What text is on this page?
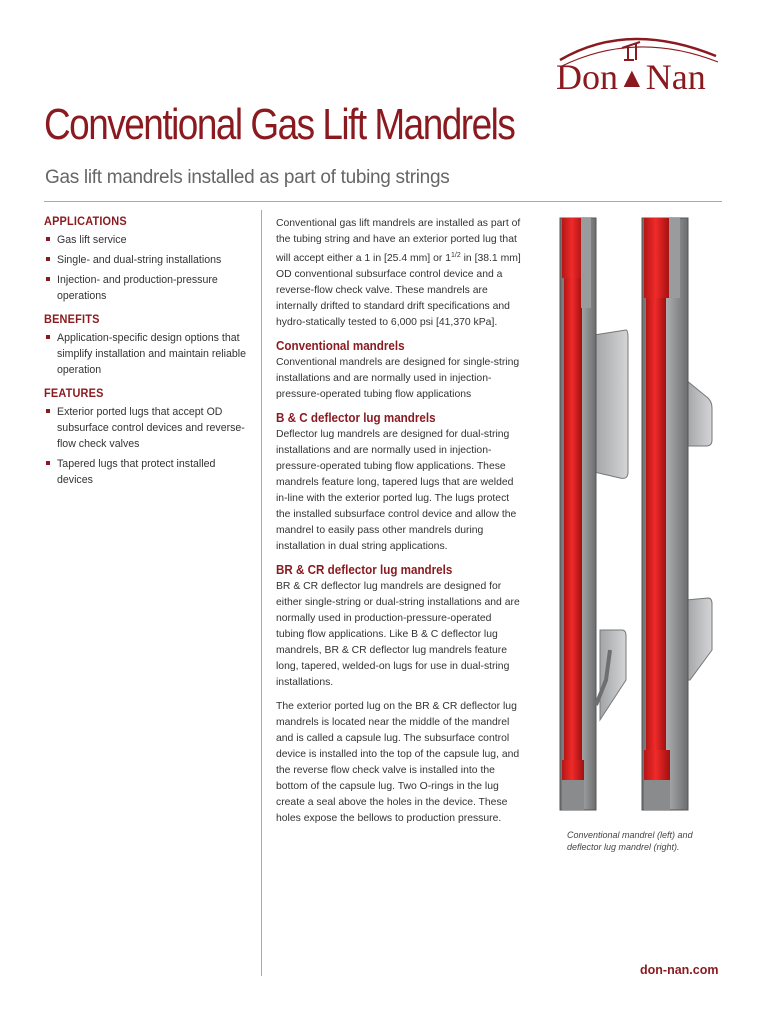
Don▲Nan
Conventional Gas Lift Mandrels
Gas lift mandrels installed as part of tubing strings
APPLICATIONS
Gas lift service
Single- and dual-string installations
Injection- and production-pressure operations
BENEFITS
Application-specific design options that simplify installation and maintain reliable operation
FEATURES
Exterior ported lugs that accept OD subsurface control devices and reverse-flow check valves
Tapered lugs that protect installed devices

Conventional gas lift mandrels are installed as part of the tubing string and have an exterior ported lug that will accept either a 1 in [25.4 mm] or $1^{1/2}$ in [38.1 mm] OD conventional subsurface control device and a reverse-flow check valve. These mandrels are internally drifted to standard drift specifications and hydro-statically tested to 6,000 psi [41,370 kPa].

Conventional mandrels

Conventional mandrels are designed for single-string installations and are normally used in injection-pressure-operated tubing flow applications

B & C deflector lug mandrels

Deflector lug mandrels are designed for dual-string installations and are normally used in injection-pressure-operated tubing flow applications. These mandrels feature long, tapered lugs that are welded in-line with the exterior ported lug. The lugs protect the installed subsurface control device and allow the mandrel to easily pass other mandrels during installation in dual string applications.

BR & CR deflector lug mandrels

BR & CR deflector lug mandrels are designed for either single-string or dual-string installations and are normally used in production-pressure-operated tubing flow applications. Like B & C deflector lug mandrels, BR & CR deflector lug mandrels feature long, tapered, welded-on lugs for use in dual-string installations.

The exterior ported lug on the BR & CR deflector lug mandrels is located near the middle of the mandrel and is called a capsule lug. The subsurface control device is installed into the top of the capsule lug, and the reverse flow check valve is installed into the bottom of the capsule lug. Two O-rings in the lug create a seal above the holes in the device. These holes expose the bellows to production pressure.

Conventional mandrel (left) and deflector lug mandrel (right).
don-nan.com
